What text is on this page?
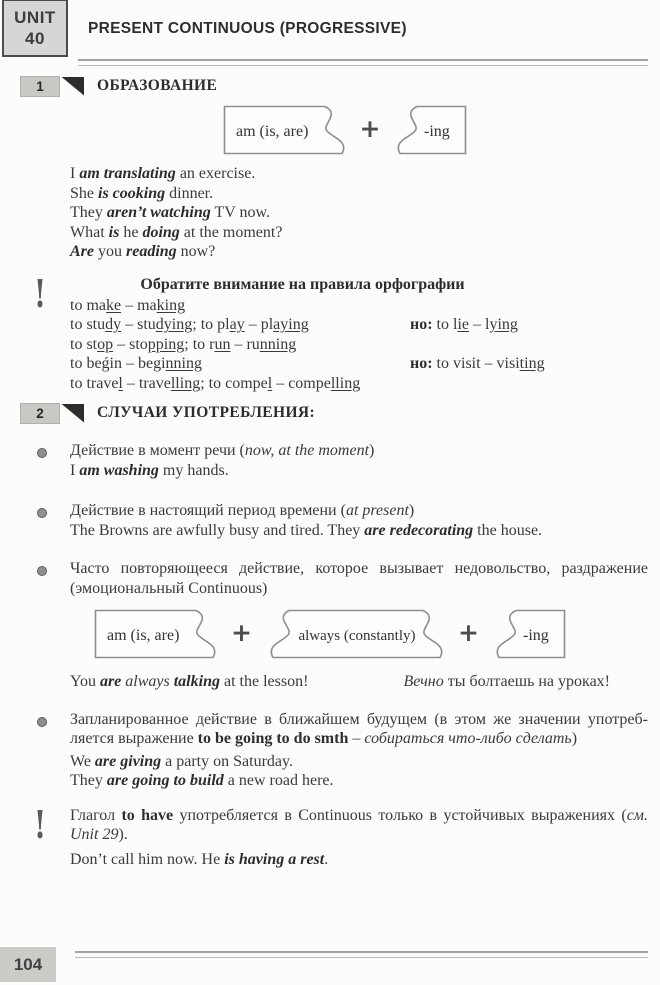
UNIT
40
PRESENT CONTINUOUS (PROGRESSIVE)
1	ОБРАЗОВАНИЕ
am (is, are) +	-ing
I am translating an exercise.
She is cooking dinner.
They aren’t watching TV now.
What is he doing at the moment?
Are you reading now?
!	Обратите внимание на правила орфографии
to make – making
to study – studying; to play – playing	но: to lie – lying
to stop – stopping; to run – running
to beǵin – beginning	но: to visit – visiting
to travel – travelling; to compel – compelling
2	СЛУЧАИ УПОТРЕБЛЕНИЯ:
Действие в момент речи (now, at the moment)
I am washing my hands.
Действие в настоящий период времени (at present)
The Browns are awfully busy and tired. They are redecorating the house.
Часто повторяющееся действие, которое вызывает недовольство, раздражение (эмоциональный Continuous)
am (is, are) +	always (constantly) +	-ing
You are always talking at the lesson!	Вечно ты болтаешь на уроках!
Запланированное действие в ближайшем будущем (в этом же значении употребляется выражение to be going to do smth – собираться что-либо сделать)
We are giving a party on Saturday.
They are going to build a new road here.
! Глагол to have употребляется в Continuous только в устойчивых выражениях (см. Unit 29).
Don’t call him now. He is having a rest.
104
